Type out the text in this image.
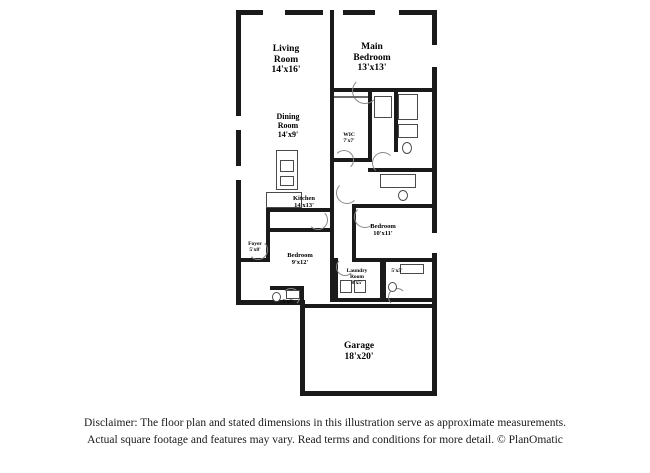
Living
Room
14'x16'
Main
Bedroom
13'x13'
Dining
Room
14'x9'	WIC
7'x7'
Kitchen
14'x13'
Bedroom
10'x11'
Foyer
5'x8'
Bedroom
9'x12'
Laundry
Room
8'x5'
5'x5'
5'x5'
Garage
18'x20'
Disclaimer: The floor plan and stated dimensions in this illustration serve as approximate measurements.
Actual square footage and features may vary. Read terms and conditions for more detail. © PlanOmatic
